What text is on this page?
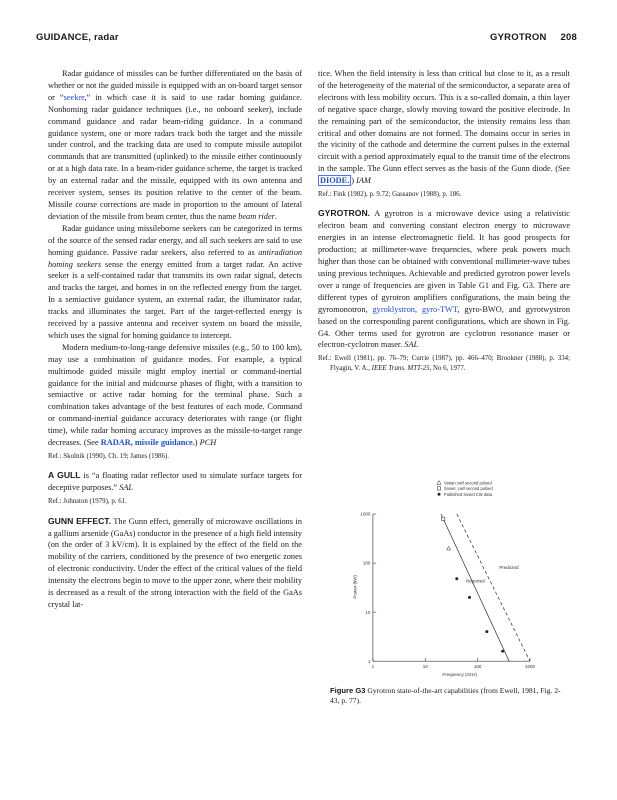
GUIDANCE, radar	GYROTRON 208

Radar guidance of missiles can be further differentiated on the basis of whether or not the guided missile is equipped with an on-board target sensor or “seeker,” in which case it is said to use radar homing guidance. Nonhoming radar guidance techniques (i.e., no onboard seeker), include command guidance and radar beam-riding guidance. In a command guidance system, one or more radars track both the target and the missile under control, and the tracking data are used to compute missile autopilot commands that are transmitted (uplinked) to the missile either continuously or at a high data rate. In a beam-rider guidance scheme, the target is tracked by an external radar and the missile, equipped with its own antenna and receiver system, senses its position relative to the center of the beam. Missile course corrections are made in proportion to the amount of lateral deviation of the missile from beam center, thus the name beam rider.

Radar guidance using missileborne seekers can be categorized in terms of the source of the sensed radar energy, and all such seekers are said to use homing guidance. Passive radar seekers, also referred to as antiradiation homing seekers sense the energy emitted from a target radar. An active seeker is a self-contained radar that transmits its own radar signal, detects and tracks the target, and homes in on the reflected energy from the target. In a semiactive guidance system, an external radar, the illuminator radar, tracks and illuminates the target. Part of the target-reflected energy is received by a passive antenna and receiver system on board the missile, which uses the signal for homing guidance to intercept.

Modern medium-to-long-range defensive missiles (e.g., 50 to 100 km), may use a combination of guidance modes. For example, a typical multimode guided missile might employ inertial or command-inertial guidance for the initial and midcourse phases of flight, with a transition to semiactive or active radar homing for the terminal phase. Such a combination takes advantage of the best features of each mode. Command or command-inertial guidance accuracy deteriorates with range (or flight time), while radar homing accuracy improves as the missile-to-target range decreases. (See RADAR, missile guidance.) PCH

Ref.: Skolnik (1990), Ch. 19; James (1986).

A GULL is “a floating radar reflector used to simulate surface targets for deceptive purposes.” SAL

Ref.: Johnston (1979), p. 61.

GUNN EFFECT. The Gunn effect, generally of microwave oscillations in a gallium arsenide (GaAs) conductor in the presence of a high field intensity (on the order of 3 kV/cm). It is explained by the effect of the field on the mobility of the carriers, conditioned by the presence of two energetic zones of electronic conductivity. Under the effect of the critical values of the field intensity the electrons begin to move to the upper zone, where their mobility is decreased as a result of the strong interaction with the field of the GaAs crystal lat-

tice. When the field intensity is less than critical but close to it, as a result of the heterogeneity of the material of the semiconductor, a separate area of electrons with less mobility occurs. This is a so-called domain, a thin layer of negative space charge, slowly moving toward the positive electrode. In the remaining part of the semiconductor, the intensity remains less than critical and other domains are not formed. The domains occur in series in the vicinity of the cathode and determine the current pulses in the external circuit with a period approximately equal to the transit time of the electrons in the sample. The Gunn effect serves as the basis of the Gunn diode. (See DIODE. ) IAM

Ref.: Fink (1982), p. 9.72; Gassanov (1988), p. 186.

GYROTRON. A gyrotron is a microwave device using a relativistic electron beam and converting constant electron energy to microwave energies in an intense electromagnetic field. It has good prospects for production; at millimeter-wave frequencies, where peak powers much higher than those can be obtained with conventional millimeter-wave tubes using previous techniques. Achievable and predicted gyrotron power levels over a range of frequencies are given in Table G1 and Fig. G3. There are different types of gyrotron amplifiers configurations, the main being the gyromonotron, gyroklystron, gyro-TWT, gyro-BWO, and gyrotwystron based on the corresponding parent configurations, which are shown in Fig. G4. Other terms used for gyrotron are cyclotron resonance maser or electron-cyclotron maser. SAL

Ref.: Ewell (1981), pp. 76–79; Currie (1987), pp. 466–470; Brookner (1988), p. 334; Flyagin, V. A., IEEE Trans. MTT-25, No 6, 1977.

1
10
100
1000
1	10	100	1000
Frequency (GHz)
Power (kW)
Predicted
Reported
Varian cw/l second pulsed
Soviet, cw/l second pulsed
Published Soviet CW data
Figure G3 Gyrotron state-of-the-art capabilities (from Ewell, 1981, Fig. 2-43, p. 77).
